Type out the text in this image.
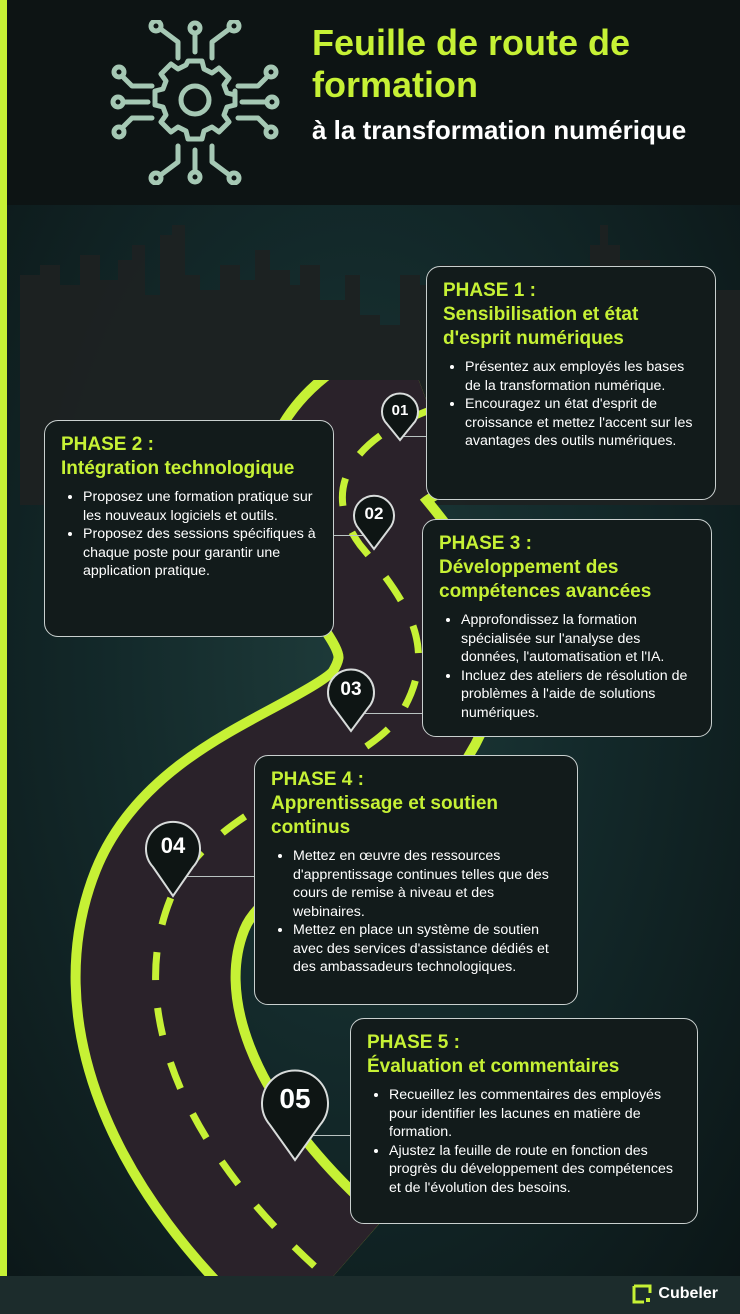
Feuille de route de formation
à la transformation numérique
01
02
03
04
05
PHASE 1 :
Sensibilisation et état d'esprit numériques
• Présentez aux employés les bases de la transformation numérique.
• Encouragez un état d'esprit de croissance et mettez l'accent sur les avantages des outils numériques.
PHASE 2 :
Intégration technologique
• Proposez une formation pratique sur les nouveaux logiciels et outils.
• Proposez des sessions spécifiques à chaque poste pour garantir une application pratique.
PHASE 3 :
Développement des compétences avancées
• Approfondissez la formation spécialisée sur l'analyse des données, l'automatisation et l'IA.
• Incluez des ateliers de résolution de problèmes à l'aide de solutions numériques.
PHASE 4 :
Apprentissage et soutien continus
• Mettez en œuvre des ressources d'apprentissage continues telles que des cours de remise à niveau et des webinaires.
• Mettez en place un système de soutien avec des services d'assistance dédiés et des ambassadeurs technologiques.
PHASE 5 :
Évaluation et commentaires
• Recueillez les commentaires des employés pour identifier les lacunes en matière de formation.
• Ajustez la feuille de route en fonction des progrès du développement des compétences et de l'évolution des besoins.
Cubeler
